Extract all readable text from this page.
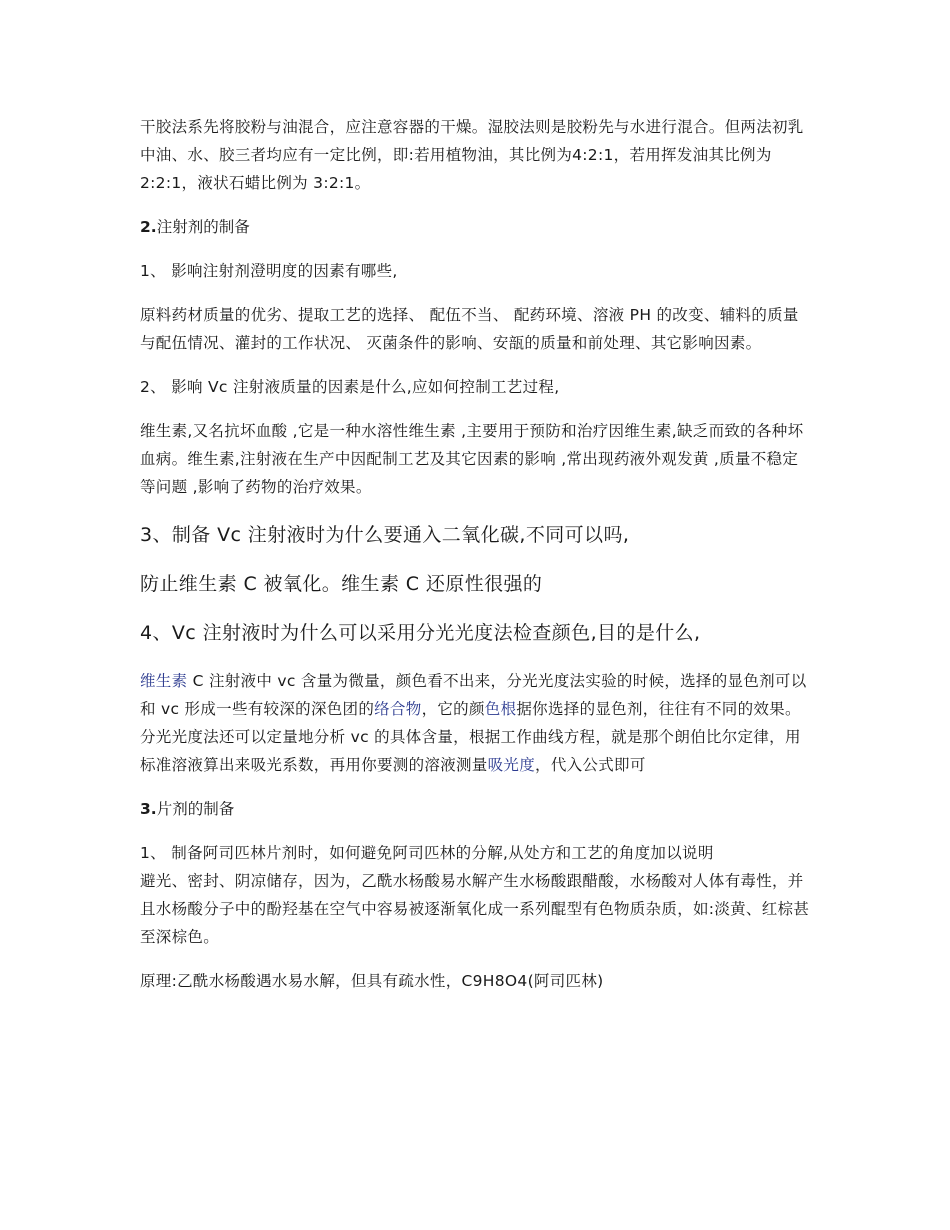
干胶法系先将胶粉与油混合，应注意容器的干燥。湿胶法则是胶粉先与水进行混合。但两法初乳中油、水、胶三者均应有一定比例，即:若用植物油，其比例为4:2:1，若用挥发油其比例为 2:2:1，液状石蜡比例为 3:2:1。

2.注射剂的制备

1、 影响注射剂澄明度的因素有哪些,

原料药材质量的优劣、提取工艺的选择、 配伍不当、 配药环境、溶液 PH 的改变、辅料的质量与配伍情况、灌封的工作状况、 灭菌条件的影响、安瓿的质量和前处理、其它影响因素。

2、 影响 Vc 注射液质量的因素是什么,应如何控制工艺过程,

维生素,又名抗坏血酸 ,它是一种水溶性维生素 ,主要用于预防和治疗因维生素,缺乏而致的各种坏血病。维生素,注射液在生产中因配制工艺及其它因素的影响 ,常出现药液外观发黄 ,质量不稳定等问题 ,影响了药物的治疗效果。

3、制备 Vc 注射液时为什么要通入二氧化碳,不同可以吗,

防止维生素 C 被氧化。维生素 C 还原性很强的

4、Vc 注射液时为什么可以采用分光光度法检查颜色,目的是什么,

维生素 C 注射液中 vc 含量为微量，颜色看不出来，分光光度法实验的时候，选择的显色剂可以和 vc 形成一些有较深的深色团的络合物，它的颜色根据你选择的显色剂，往往有不同的效果。分光光度法还可以定量地分析 vc 的具体含量，根据工作曲线方程，就是那个朗伯比尔定律，用标准溶液算出来吸光系数，再用你要测的溶液测量吸光度，代入公式即可

3.片剂的制备

1、 制备阿司匹林片剂时，如何避免阿司匹林的分解,从处方和工艺的角度加以说明

避光、密封、阴凉储存，因为，乙酰水杨酸易水解产生水杨酸跟醋酸，水杨酸对人体有毒性，并且水杨酸分子中的酚羟基在空气中容易被逐渐氧化成一系列醌型有色物质杂质，如:淡黄、红棕甚至深棕色。

原理:乙酰水杨酸遇水易水解，但具有疏水性，C9H8O4(阿司匹林)
